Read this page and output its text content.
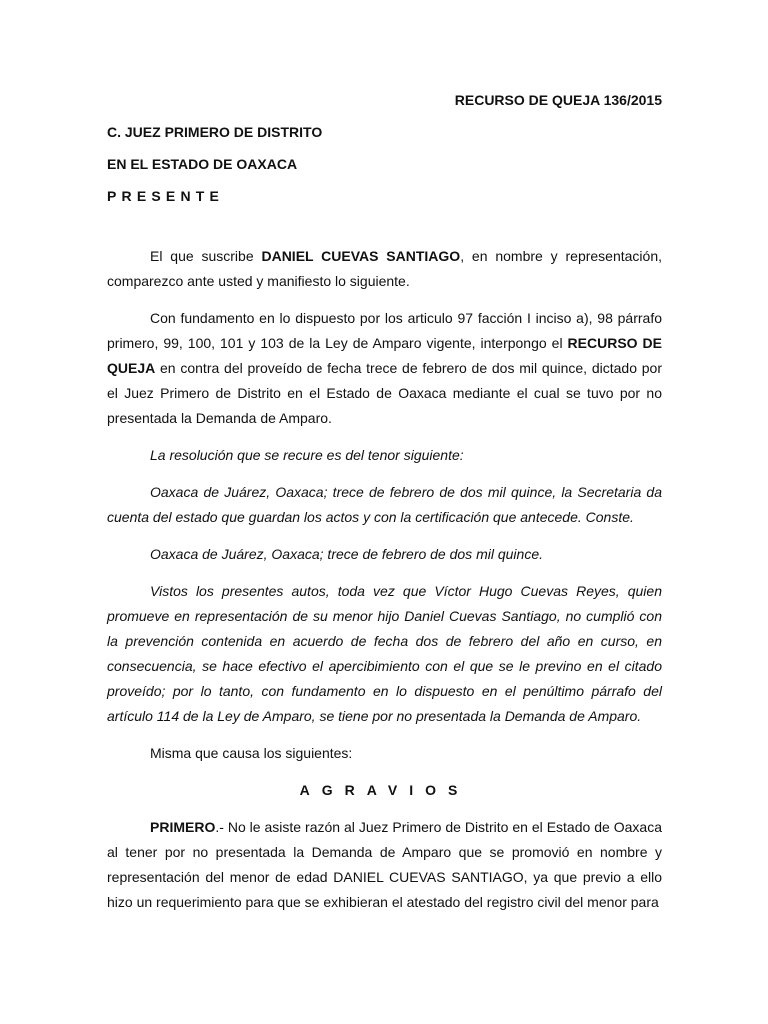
RECURSO DE QUEJA 136/2015
C. JUEZ PRIMERO DE DISTRITO
EN EL ESTADO DE OAXACA
PRESENTE

El que suscribe DANIEL CUEVAS SANTIAGO, en nombre y representación, comparezco ante usted y manifiesto lo siguiente.

Con fundamento en lo dispuesto por los articulo 97 facción I inciso a), 98 párrafo primero, 99, 100, 101 y 103 de la Ley de Amparo vigente, interpongo el RECURSO DE QUEJA en contra del proveído de fecha trece de febrero de dos mil quince, dictado por el Juez Primero de Distrito en el Estado de Oaxaca mediante el cual se tuvo por no presentada la Demanda de Amparo.

La resolución que se recure es del tenor siguiente:

Oaxaca de Juárez, Oaxaca; trece de febrero de dos mil quince, la Secretaria da cuenta del estado que guardan los actos y con la certificación que antecede. Conste.

Oaxaca de Juárez, Oaxaca; trece de febrero de dos mil quince.

Vistos los presentes autos, toda vez que Víctor Hugo Cuevas Reyes, quien promueve en representación de su menor hijo Daniel Cuevas Santiago, no cumplió con la prevención contenida en acuerdo de fecha dos de febrero del año en curso, en consecuencia, se hace efectivo el apercibimiento con el que se le previno en el citado proveído; por lo tanto, con fundamento en lo dispuesto en el penúltimo párrafo del artículo 114 de la Ley de Amparo, se tiene por no presentada la Demanda de Amparo.

Misma que causa los siguientes:

AGRAVIOS

PRIMERO.- No le asiste razón al Juez Primero de Distrito en el Estado de Oaxaca al tener por no presentada la Demanda de Amparo que se promovió en nombre y representación del menor de edad DANIEL CUEVAS SANTIAGO, ya que previo a ello hizo un requerimiento para que se exhibieran el atestado del registro civil del menor para
